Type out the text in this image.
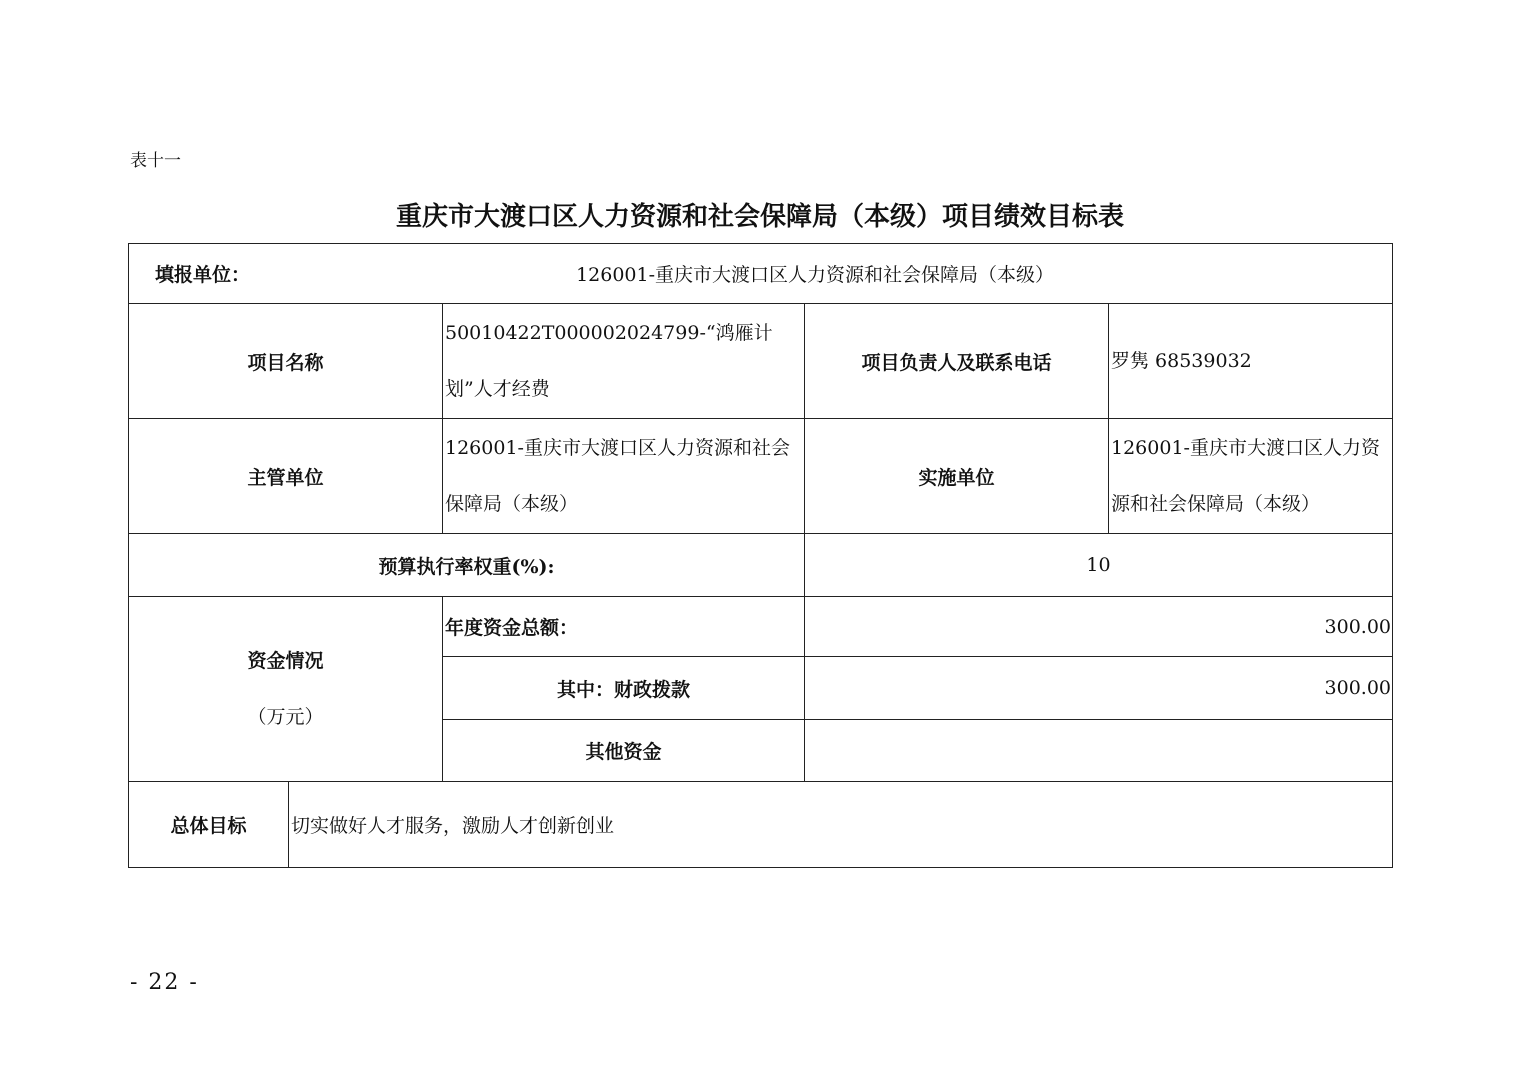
表十一
重庆市大渡口区人力资源和社会保障局（本级）项目绩效目标表
填报单位： 126001-重庆市大渡口区人力资源和社会保障局（本级）				
项目名称		50010422T000002024799-“鸿雁计划”人才经费	项目负责人及联系电话	罗隽 68539032
主管单位		126001-重庆市大渡口区人力资源和社会保障局（本级）	实施单位	126001-重庆市大渡口区人力资源和社会保障局（本级）
预算执行率权重(%):			10	

资金情况
（万元）		年度资金总额：	300.00	
		其中：财政拨款	300.00	
		其他资金		
总体目标	切实做好人才服务，激励人才创新创业			
- 22 -
